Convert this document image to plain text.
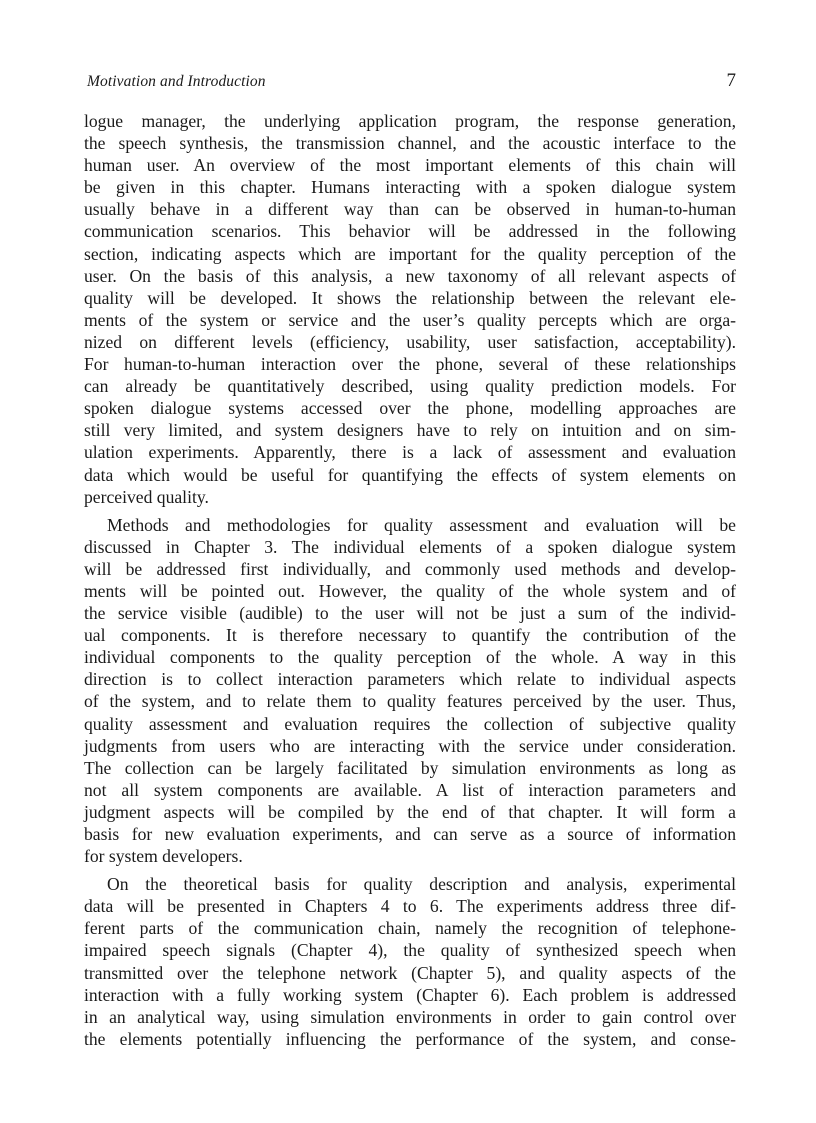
Motivation and Introduction	7
logue manager, the underlying application program, the response generation,
the speech synthesis, the transmission channel, and the acoustic interface to the
human user. An overview of the most important elements of this chain will
be given in this chapter. Humans interacting with a spoken dialogue system
usually behave in a different way than can be observed in human-to-human
communication scenarios. This behavior will be addressed in the following
section, indicating aspects which are important for the quality perception of the
user. On the basis of this analysis, a new taxonomy of all relevant aspects of
quality will be developed. It shows the relationship between the relevant ele-
ments of the system or service and the user’s quality percepts which are orga-
nized on different levels (efficiency, usability, user satisfaction, acceptability).
For human-to-human interaction over the phone, several of these relationships
can already be quantitatively described, using quality prediction models. For
spoken dialogue systems accessed over the phone, modelling approaches are
still very limited, and system designers have to rely on intuition and on sim-
ulation experiments. Apparently, there is a lack of assessment and evaluation
data which would be useful for quantifying the effects of system elements on
perceived quality.
Methods and methodologies for quality assessment and evaluation will be
discussed in Chapter 3. The individual elements of a spoken dialogue system
will be addressed first individually, and commonly used methods and develop-
ments will be pointed out. However, the quality of the whole system and of
the service visible (audible) to the user will not be just a sum of the individ-
ual components. It is therefore necessary to quantify the contribution of the
individual components to the quality perception of the whole. A way in this
direction is to collect interaction parameters which relate to individual aspects
of the system, and to relate them to quality features perceived by the user. Thus,
quality assessment and evaluation requires the collection of subjective quality
judgments from users who are interacting with the service under consideration.
The collection can be largely facilitated by simulation environments as long as
not all system components are available. A list of interaction parameters and
judgment aspects will be compiled by the end of that chapter. It will form a
basis for new evaluation experiments, and can serve as a source of information
for system developers.
On the theoretical basis for quality description and analysis, experimental
data will be presented in Chapters 4 to 6. The experiments address three dif-
ferent parts of the communication chain, namely the recognition of telephone-
impaired speech signals (Chapter 4), the quality of synthesized speech when
transmitted over the telephone network (Chapter 5), and quality aspects of the
interaction with a fully working system (Chapter 6). Each problem is addressed
in an analytical way, using simulation environments in order to gain control over
the elements potentially influencing the performance of the system, and conse-
